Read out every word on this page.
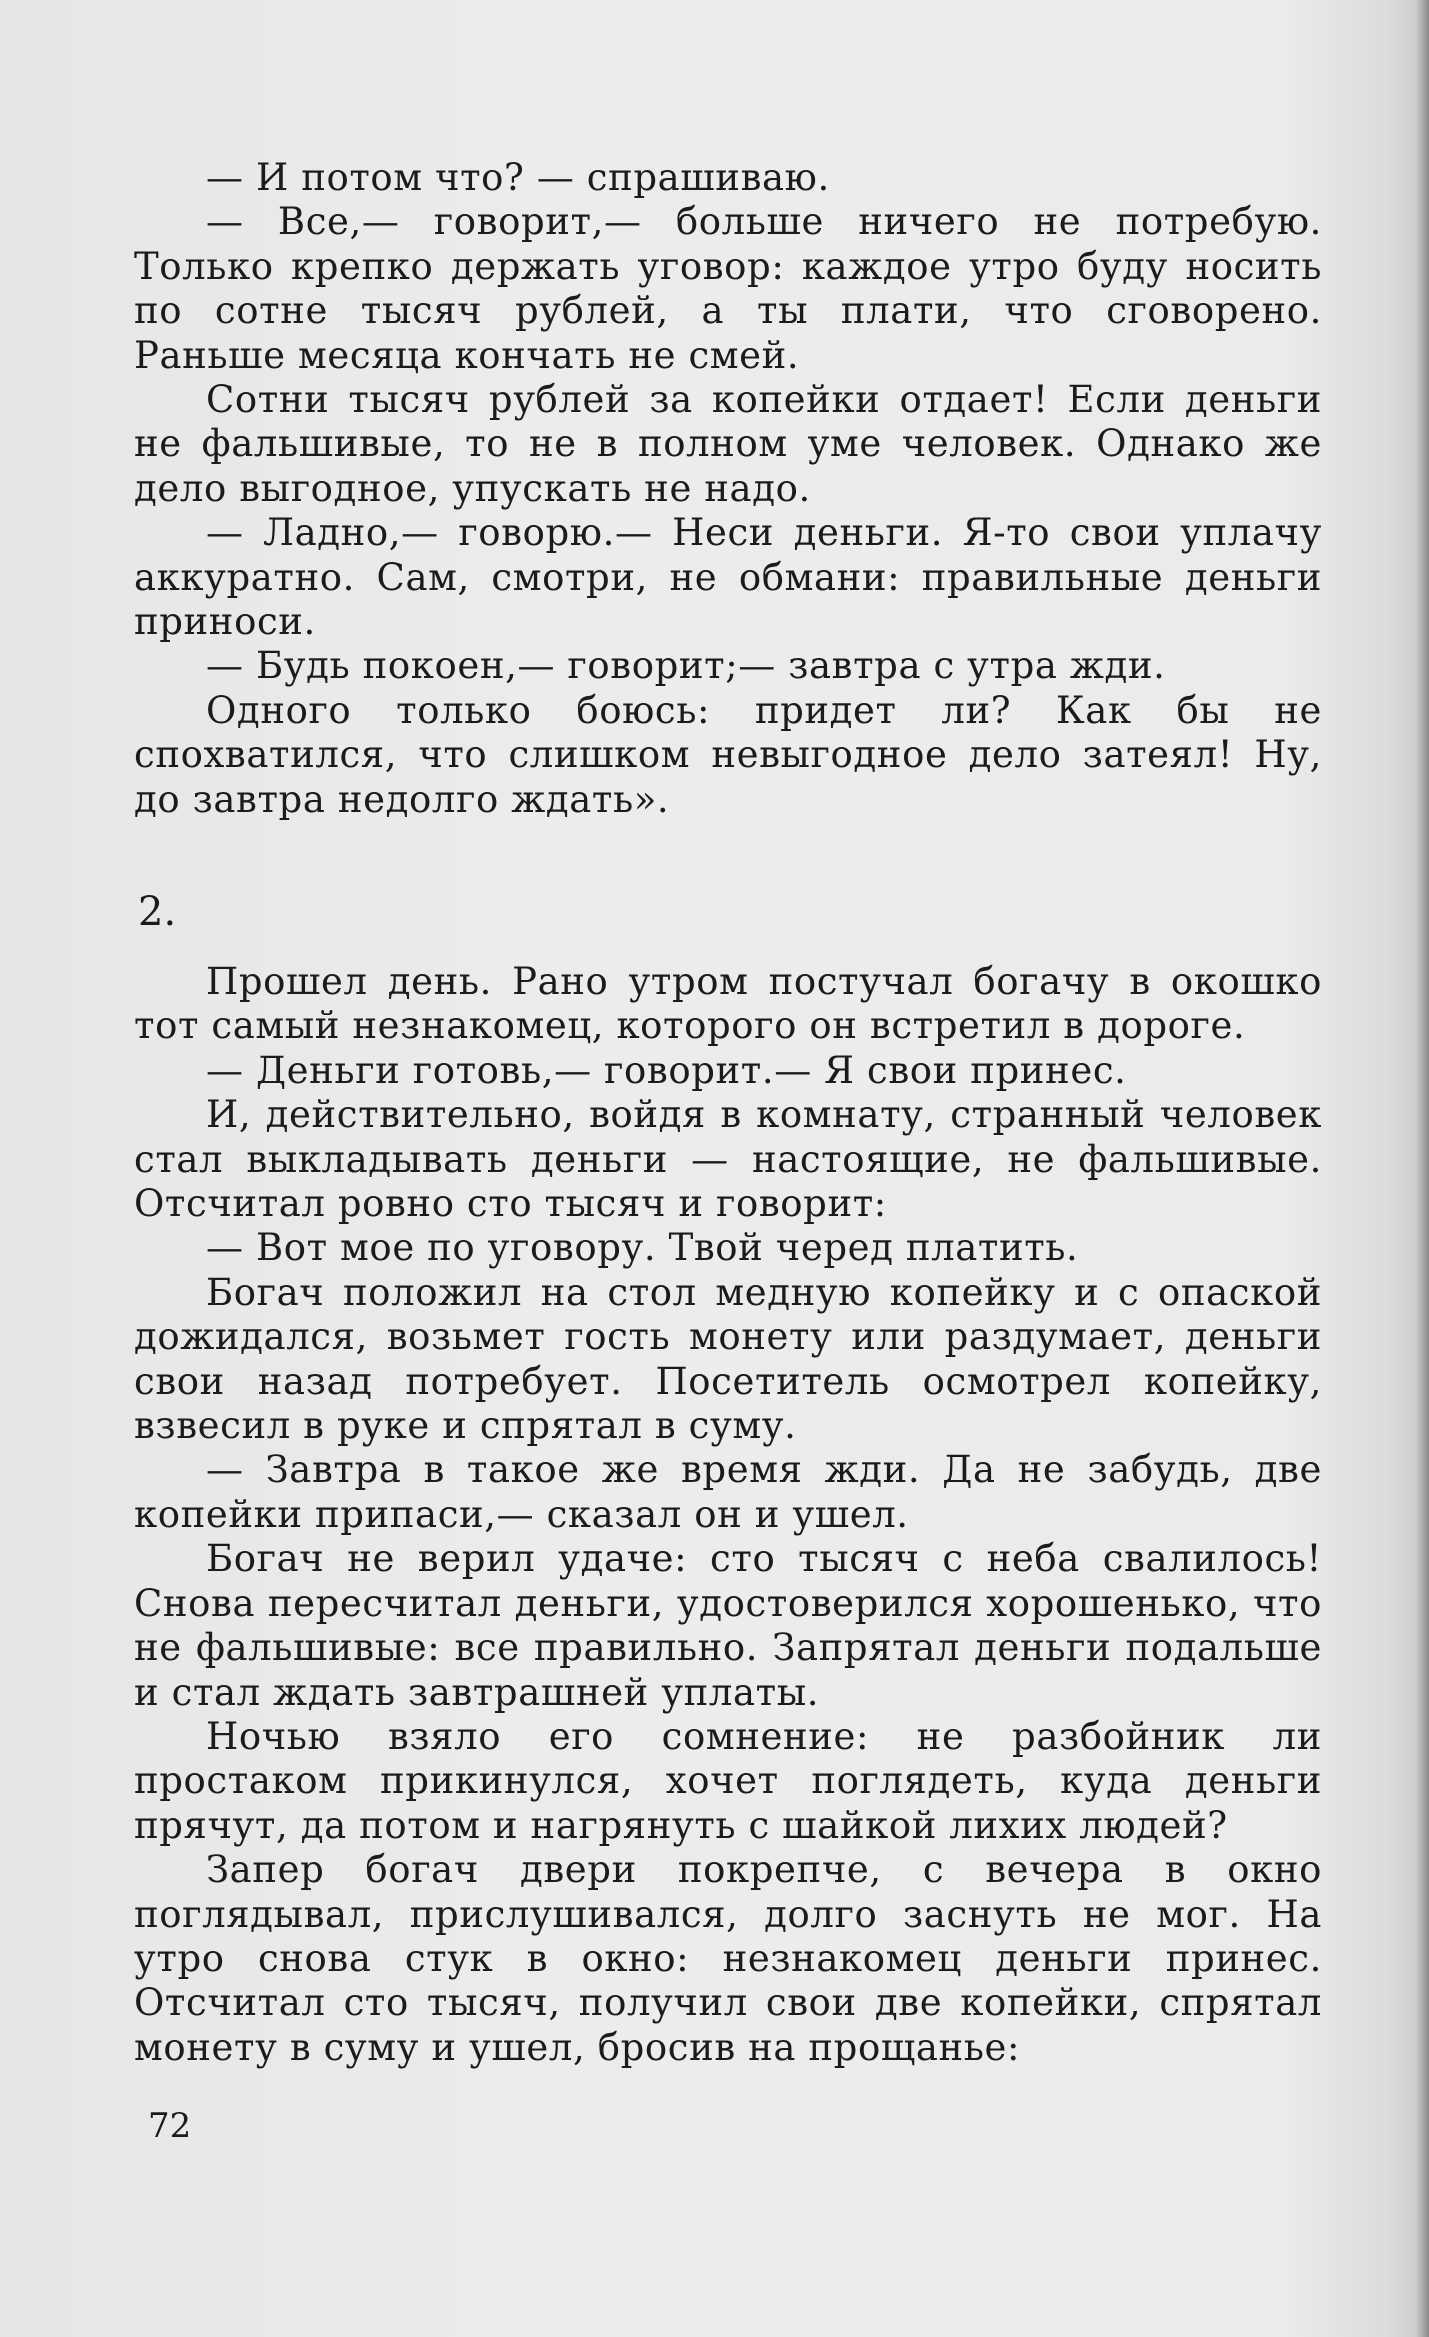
— И потом что? — спрашиваю.

— Все,— говорит,— больше ничего не потребую. Только крепко держать уговор: каждое утро буду носить по сотне тысяч рублей, а ты плати, что сговорено. Раньше месяца кончать не смей.

Сотни тысяч рублей за копейки отдает! Если деньги не фальшивые, то не в полном уме человек. Однако же дело выгодное, упускать не надо.

— Ладно,— говорю.— Неси деньги. Я-то свои уплачу аккуратно. Сам, смотри, не обмани: правильные деньги приноси.

— Будь покоен,— говорит;— завтра с утра жди.

Одного только боюсь: придет ли? Как бы не спохватился, что слишком невыгодное дело затеял! Ну, до завтра недолго ждать».

2.

Прошел день. Рано утром постучал богачу в окошко тот самый незнакомец, которого он встретил в дороге.

— Деньги готовь,— говорит.— Я свои принес.

И, действительно, войдя в комнату, странный человек стал выкладывать деньги — настоящие, не фальшивые. Отсчитал ровно сто тысяч и говорит:

— Вот мое по уговору. Твой черед платить.

Богач положил на стол медную копейку и с опаской дожидался, возьмет гость монету или раздумает, деньги свои назад потребует. Посетитель осмотрел копейку, взвесил в руке и спрятал в суму.

— Завтра в такое же время жди. Да не забудь, две копейки припаси,— сказал он и ушел.

Богач не верил удаче: сто тысяч с неба свалилось! Снова пересчитал деньги, удостоверился хорошенько, что не фальшивые: все правильно. Запрятал деньги подальше и стал ждать завтрашней уплаты.

Ночью взяло его сомнение: не разбойник ли простаком прикинулся, хочет поглядеть, куда деньги прячут, да потом и нагрянуть с шайкой лихих людей?

Запер богач двери покрепче, с вечера в окно поглядывал, прислушивался, долго заснуть не мог. На утро снова стук в окно: незнакомец деньги принес. Отсчитал сто тысяч, получил свои две копейки, спрятал монету в суму и ушел, бросив на прощанье:

72
